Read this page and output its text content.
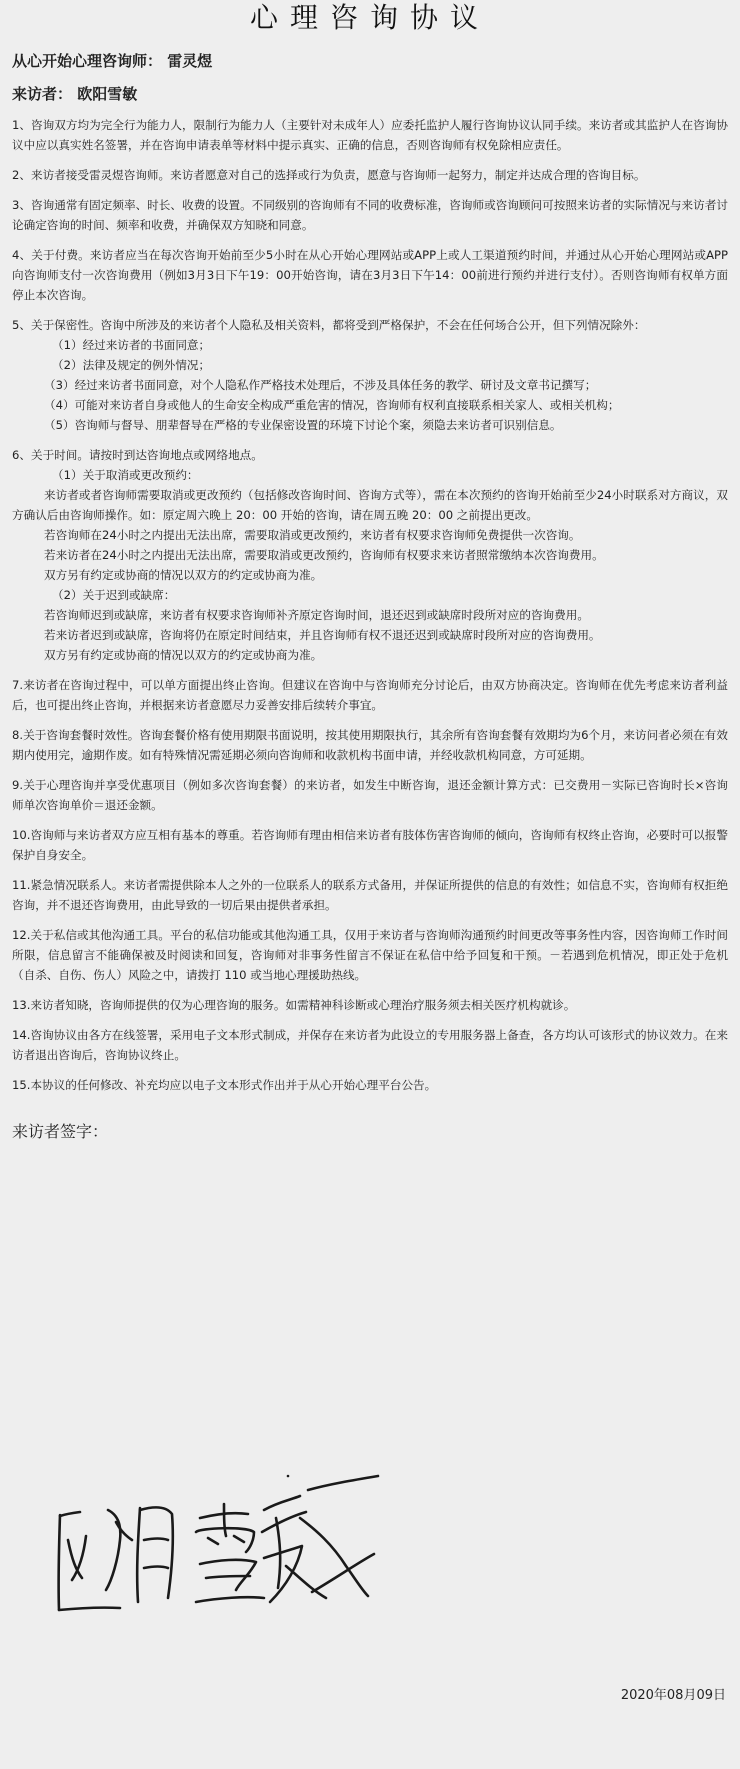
心理咨询协议
从心开始心理咨询师： 雷灵煜
来访者： 欧阳雪敏

1、咨询双方均为完全行为能力人，限制行为能力人（主要针对未成年人）应委托监护人履行咨询协议认同手续。来访者或其监护人在咨询协议中应以真实姓名签署，并在咨询申请表单等材料中提示真实、正确的信息，否则咨询师有权免除相应责任。

2、来访者接受雷灵煜咨询师。来访者愿意对自己的选择或行为负责，愿意与咨询师一起努力，制定并达成合理的咨询目标。

3、咨询通常有固定频率、时长、收费的设置。不同级别的咨询师有不同的收费标准，咨询师或咨询顾问可按照来访者的实际情况与来访者讨论确定咨询的时间、频率和收费，并确保双方知晓和同意。

4、关于付费。来访者应当在每次咨询开始前至少5小时在从心开始心理网站或APP上或人工渠道预约时间，并通过从心开始心理网站或APP向咨询师支付一次咨询费用（例如3月3日下午19：00开始咨询，请在3月3日下午14：00前进行预约并进行支付）。否则咨询师有权单方面停止本次咨询。

5、关于保密性。咨询中所涉及的来访者个人隐私及相关资料，都将受到严格保护，不会在任何场合公开，但下列情况除外：
（1）经过来访者的书面同意；
（2）法律及规定的例外情况；
（3）经过来访者书面同意，对个人隐私作严格技术处理后，不涉及具体任务的教学、研讨及文章书记撰写；
（4）可能对来访者自身或他人的生命安全构成严重危害的情况，咨询师有权利直接联系相关家人、或相关机构；
（5）咨询师与督导、朋辈督导在严格的专业保密设置的环境下讨论个案，须隐去来访者可识别信息。
6、关于时间。请按时到达咨询地点或网络地点。
（1）关于取消或更改预约：
来访者或者咨询师需要取消或更改预约（包括修改咨询时间、咨询方式等），需在本次预约的咨询开始前至少24小时联系对方商议，双方确认后由咨询师操作。如：原定周六晚上 20：00 开始的咨询，请在周五晚 20：00 之前提出更改。
若咨询师在24小时之内提出无法出席，需要取消或更改预约，来访者有权要求咨询师免费提供一次咨询。
若来访者在24小时之内提出无法出席，需要取消或更改预约，咨询师有权要求来访者照常缴纳本次咨询费用。
双方另有约定或协商的情况以双方的约定或协商为准。
（2）关于迟到或缺席：
若咨询师迟到或缺席，来访者有权要求咨询师补齐原定咨询时间，退还迟到或缺席时段所对应的咨询费用。
若来访者迟到或缺席，咨询将仍在原定时间结束，并且咨询师有权不退还迟到或缺席时段所对应的咨询费用。
双方另有约定或协商的情况以双方的约定或协商为准。

7.来访者在咨询过程中，可以单方面提出终止咨询。但建议在咨询中与咨询师充分讨论后，由双方协商决定。咨询师在优先考虑来访者利益后，也可提出终止咨询，并根据来访者意愿尽力妥善安排后续转介事宜。

8.关于咨询套餐时效性。咨询套餐价格有使用期限书面说明，按其使用期限执行，其余所有咨询套餐有效期均为6个月，来访问者必须在有效期内使用完，逾期作废。如有特殊情况需延期必须向咨询师和收款机构书面申请，并经收款机构同意，方可延期。

9.关于心理咨询并享受优惠项目（例如多次咨询套餐）的来访者，如发生中断咨询，退还金额计算方式：已交费用－实际已咨询时长×咨询师单次咨询单价＝退还金额。

10.咨询师与来访者双方应互相有基本的尊重。若咨询师有理由相信来访者有肢体伤害咨询师的倾向，咨询师有权终止咨询，必要时可以报警保护自身安全。

11.紧急情况联系人。来访者需提供除本人之外的一位联系人的联系方式备用，并保证所提供的信息的有效性；如信息不实，咨询师有权拒绝咨询，并不退还咨询费用，由此导致的一切后果由提供者承担。

12.关于私信或其他沟通工具。平台的私信功能或其他沟通工具，仅用于来访者与咨询师沟通预约时间更改等事务性内容，因咨询师工作时间所限，信息留言不能确保被及时阅读和回复，咨询师对非事务性留言不保证在私信中给予回复和干预。－若遇到危机情况，即正处于危机（自杀、自伤、伤人）风险之中，请拨打 110 或当地心理援助热线。

13.来访者知晓，咨询师提供的仅为心理咨询的服务。如需精神科诊断或心理治疗服务须去相关医疗机构就诊。

14.咨询协议由各方在线签署，采用电子文本形式制成，并保存在来访者为此设立的专用服务器上备查，各方均认可该形式的协议效力。在来访者退出咨询后，咨询协议终止。

15.本协议的任何修改、补充均应以电子文本形式作出并于从心开始心理平台公告。

来访者签字：
2020年08月09日
